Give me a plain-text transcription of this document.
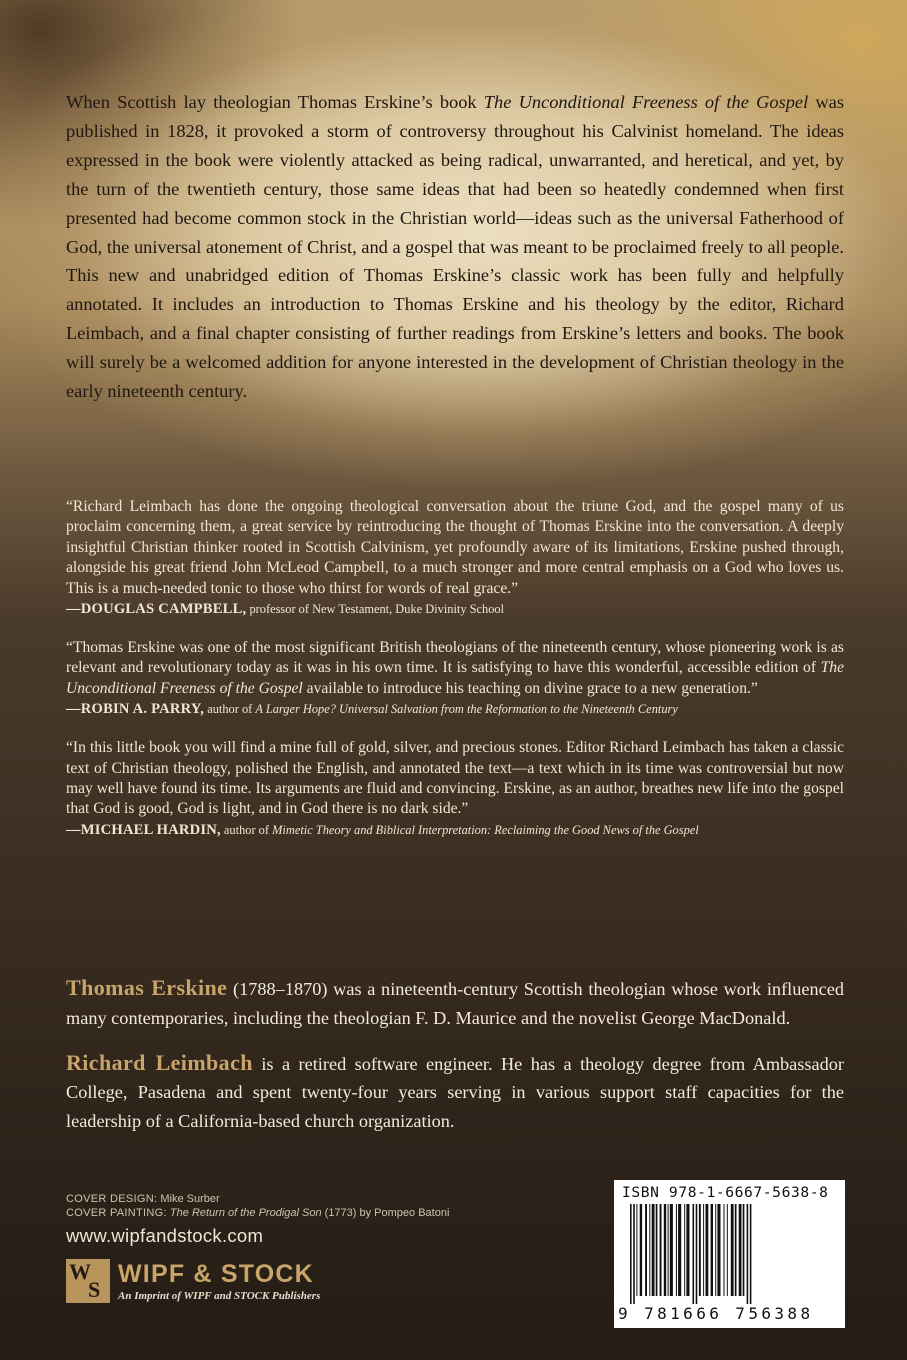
When Scottish lay theologian Thomas Erskine’s book The Unconditional Freeness of the Gospel was published in 1828, it provoked a storm of controversy throughout his Calvinist homeland. The ideas expressed in the book were violently attacked as being radical, unwarranted, and heretical, and yet, by the turn of the twentieth century, those same ideas that had been so heatedly condemned when first presented had become common stock in the Christian world—ideas such as the universal Fatherhood of God, the universal atonement of Christ, and a gospel that was meant to be proclaimed freely to all people. This new and unabridged edition of Thomas Erskine’s classic work has been fully and helpfully annotated. It includes an introduction to Thomas Erskine and his theology by the editor, Richard Leimbach, and a final chapter consisting of further readings from Erskine’s letters and books. The book will surely be a welcomed addition for anyone interested in the development of Christian theology in the early nineteenth century.
“Richard Leimbach has done the ongoing theological conversation about the triune God, and the gospel many of us proclaim concerning them, a great service by reintroducing the thought of Thomas Erskine into the conversation. A deeply insightful Christian thinker rooted in Scottish Calvinism, yet profoundly aware of its limitations, Erskine pushed through, alongside his great friend John McLeod Campbell, to a much stronger and more central emphasis on a God who loves us. This is a much-needed tonic to those who thirst for words of real grace.”
—DOUGLAS CAMPBELL, professor of New Testament, Duke Divinity School
“Thomas Erskine was one of the most significant British theologians of the nineteenth century, whose pioneering work is as relevant and revolutionary today as it was in his own time. It is satisfying to have this wonderful, accessible edition of The Unconditional Freeness of the Gospel available to introduce his teaching on divine grace to a new generation.”
—ROBIN A. PARRY, author of A Larger Hope? Universal Salvation from the Reformation to the Nineteenth Century
“In this little book you will find a mine full of gold, silver, and precious stones. Editor Richard Leimbach has taken a classic text of Christian theology, polished the English, and annotated the text—a text which in its time was controversial but now may well have found its time. Its arguments are fluid and convincing. Erskine, as an author, breathes new life into the gospel that God is good, God is light, and in God there is no dark side.”
—MICHAEL HARDIN, author of Mimetic Theory and Biblical Interpretation: Reclaiming the Good News of the Gospel
Thomas Erskine (1788–1870) was a nineteenth-century Scottish theologian whose work influenced many contemporaries, including the theologian F. D. Maurice and the novelist George MacDonald.
Richard Leimbach is a retired software engineer. He has a theology degree from Ambassador College, Pasadena and spent twenty-four years serving in various support staff capacities for the leadership of a California-based church organization.
COVER DESIGN: Mike Surber
COVER PAINTING: The Return of the Prodigal Son (1773) by Pompeo Batoni
www.wipfandstock.com
W
S
WIPF & STOCK
An Imprint of WIPF and STOCK Publishers
ISBN 978-1-6667-5638-8
9 781666 756388
